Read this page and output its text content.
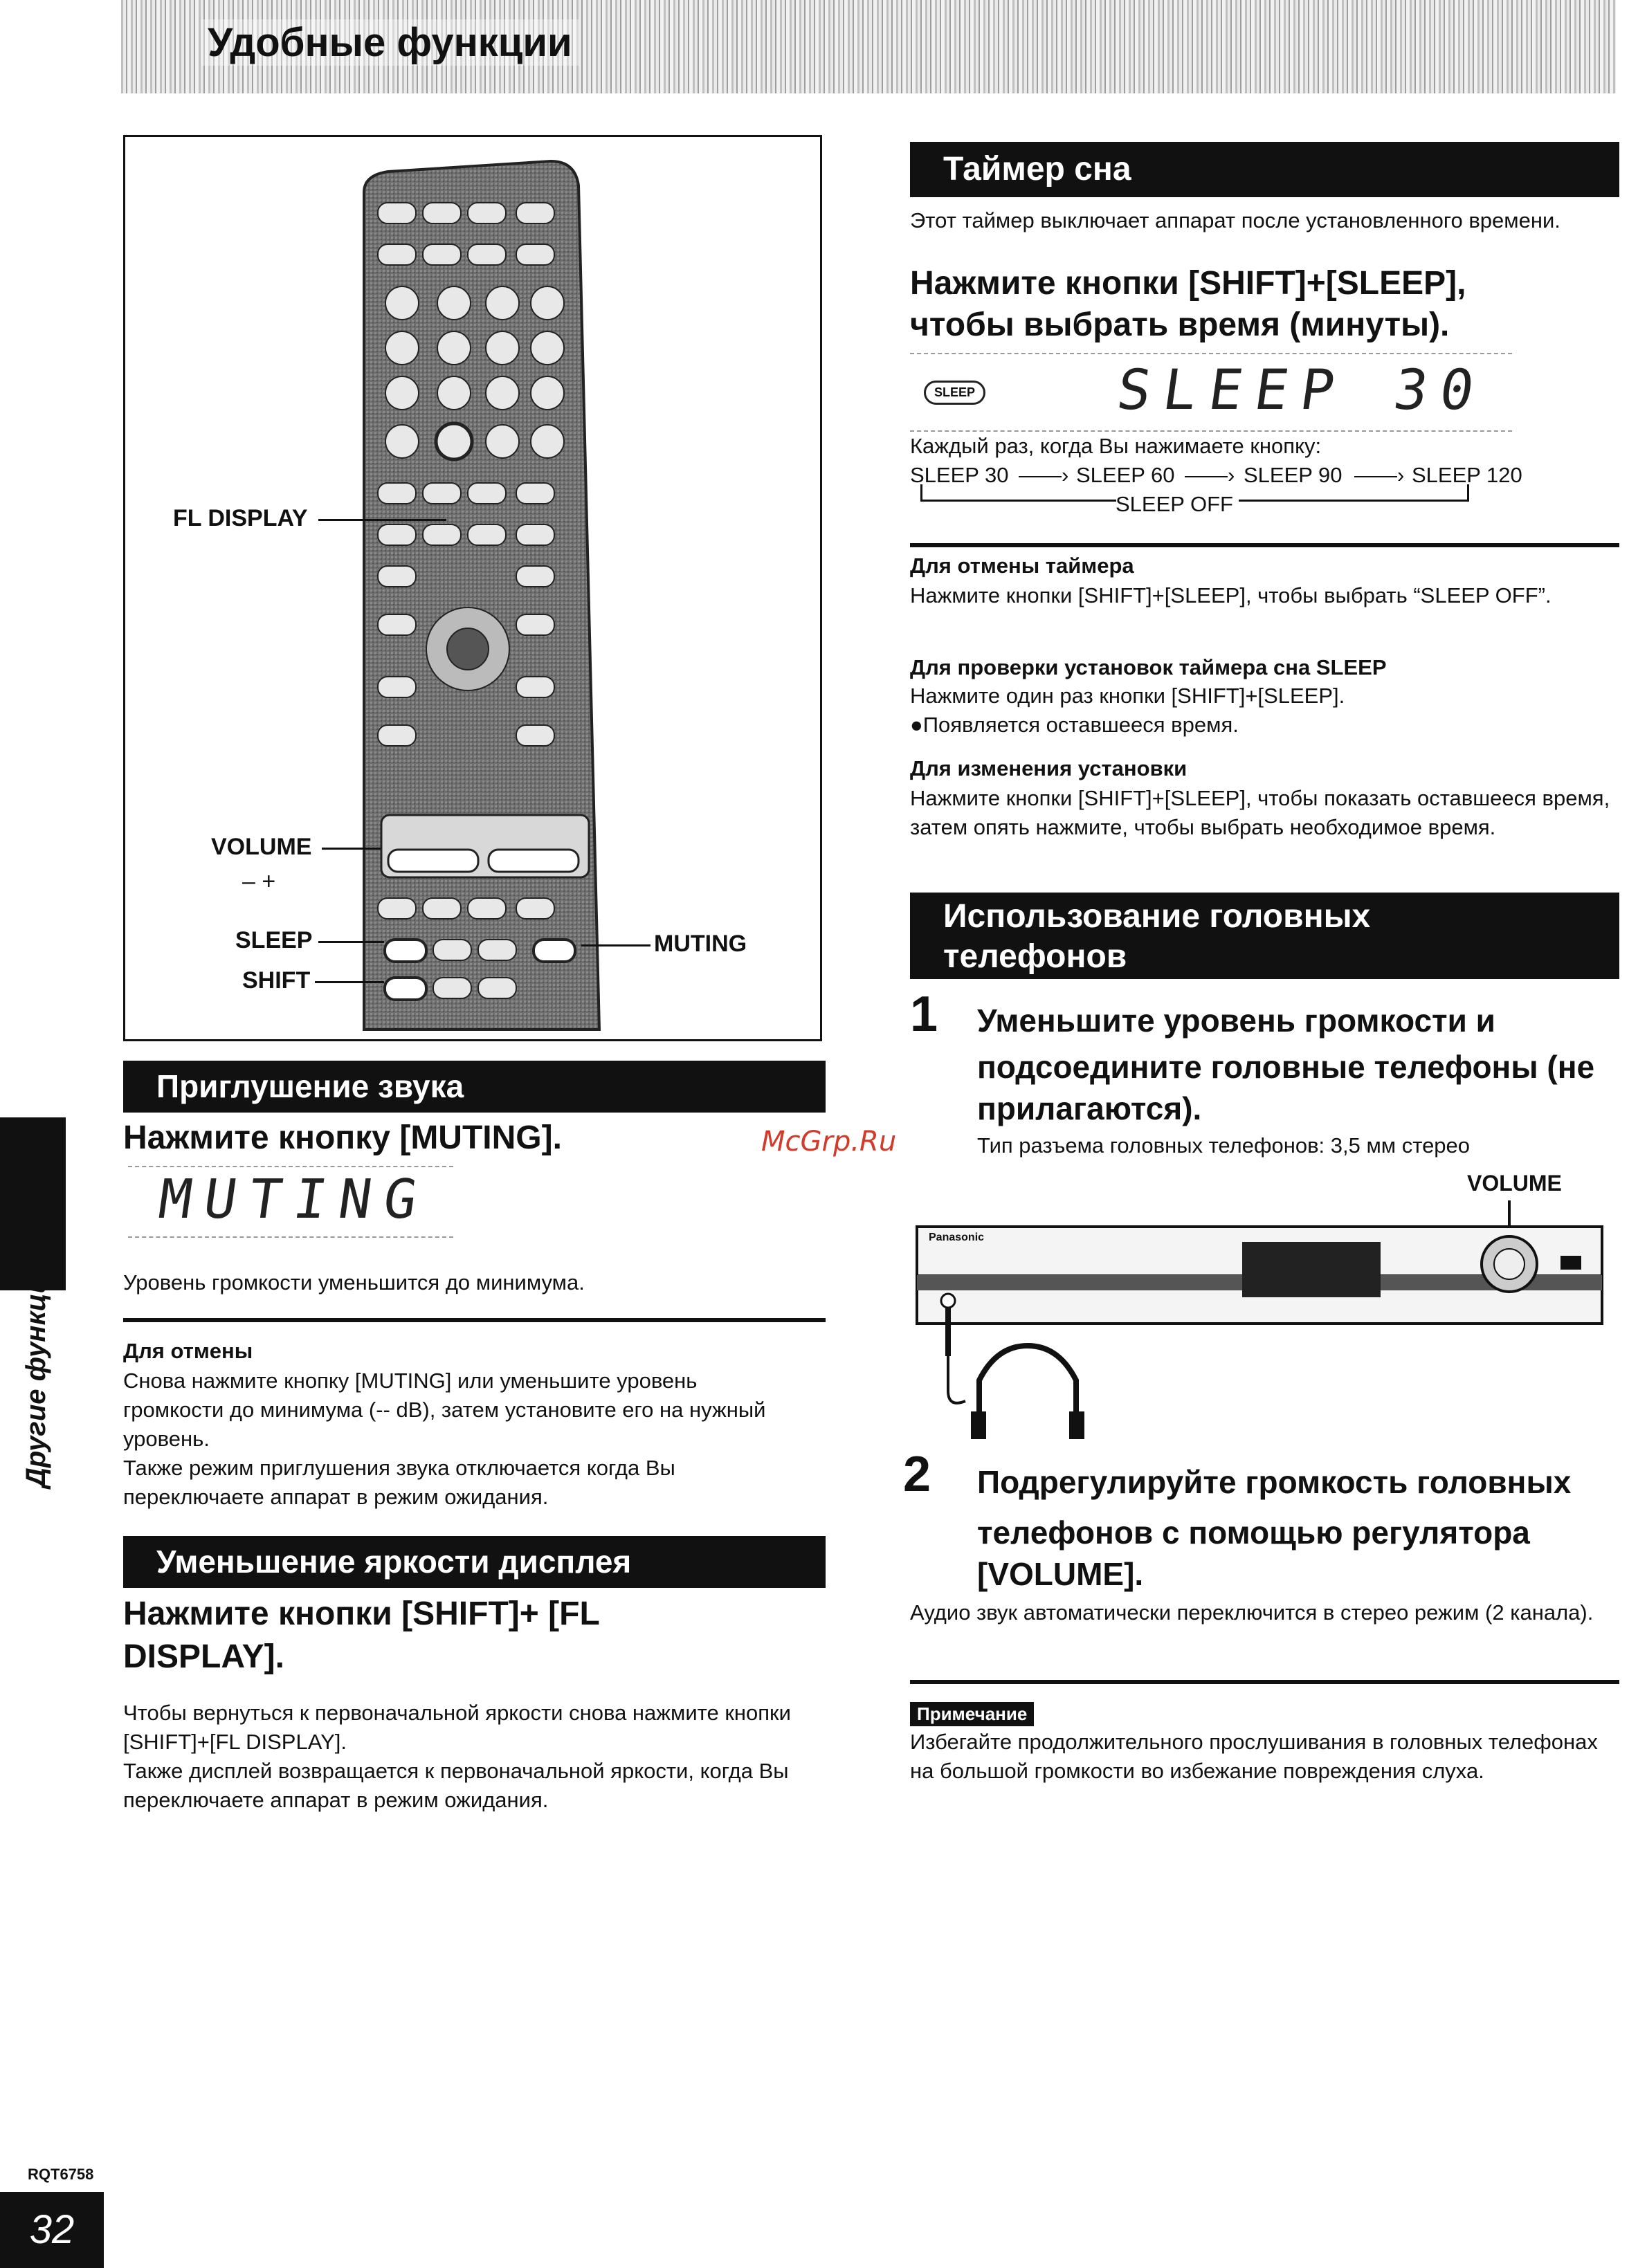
Удобные функции
Другие функции
FL DISPLAY
VOLUME
– +
SLEEP
SHIFT
MUTING
Приглушение звука
Нажмите кнопку [MUTING].
MUTING
Уровень громкости уменьшится до минимума.
Для отмены
Снова нажмите кнопку [MUTING] или уменьшите уровень громкости до минимума (-- dB), затем установите его на нужный уровень.
Также режим приглушения звука отключается когда Вы переключаете аппарат в режим ожидания.
Уменьшение яркости дисплея
Нажмите кнопки [SHIFT]+ [FL DISPLAY].
Чтобы вернуться к первоначальной яркости снова нажмите кнопки [SHIFT]+[FL DISPLAY].
Также дисплей возвращается к первоначальной яркости, когда Вы переключаете аппарат в режим ожидания.
McGrp.Ru
Таймер сна
Этот таймер выключает аппарат после установленного времени.
Нажмите кнопки [SHIFT]+[SLEEP], чтобы выбрать время (минуты).
SLEEP SLEEP 30
Каждый раз, когда Вы нажимаете кнопку:
SLEEP 30 ——› SLEEP 60 ——› SLEEP 90 ——› SLEEP 120
SLEEP OFF
Для отмены таймера
Нажмите кнопки [SHIFT]+[SLEEP], чтобы выбрать “SLEEP OFF”.
Для проверки установок таймера сна SLEEP
Нажмите один раз кнопки [SHIFT]+[SLEEP].
●Появляется оставшееся время.
Для изменения установки
Нажмите кнопки [SHIFT]+[SLEEP], чтобы показать оставшееся время, затем опять нажмите, чтобы выбрать необходимое время.
Использование головных
телефонов
1 Уменьшите уровень громкости и
подсоедините головные телефоны (не
прилагаются).
Тип разъема головных телефонов: 3,5 мм стерео
VOLUME
Panasonic
2 Подрегулируйте громкость головных
телефонов с помощью регулятора
[VOLUME].
Аудио звук автоматически переключится в стерео режим (2 канала).
Примечание
Избегайте продолжительного прослушивания в головных телефонах на большой громкости во избежание повреждения слуха.
RQT6758
32
